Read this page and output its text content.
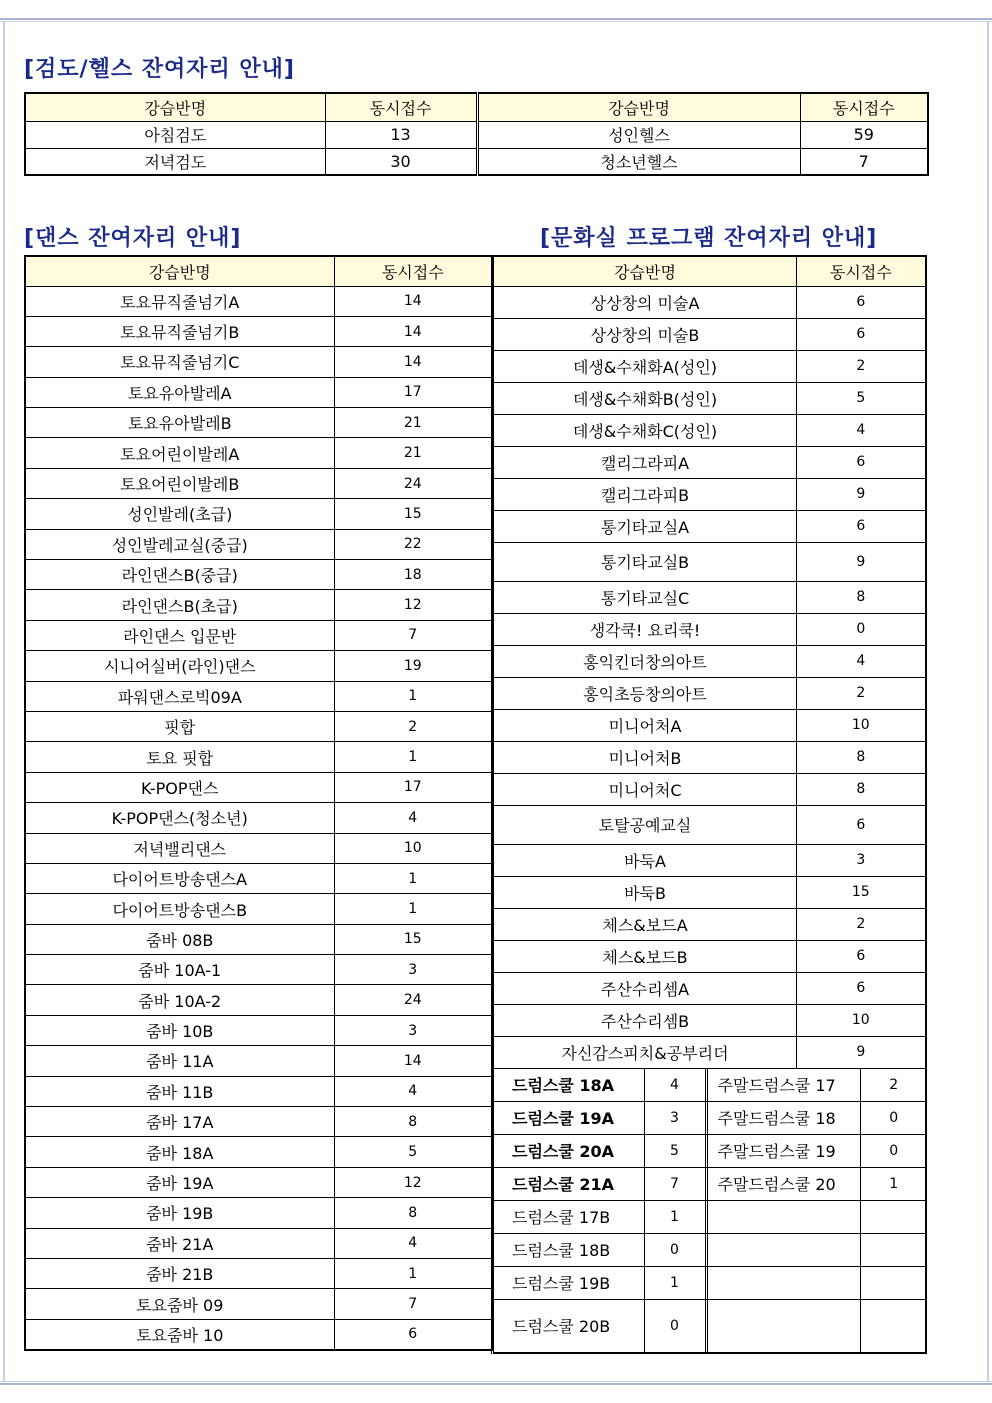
[검도/헬스 잔여자리 안내]
강습반명	동시접수	강습반명	동시접수
아침검도	13	성인헬스	59
저녁검도	30	청소년헬스	7
[댄스 잔여자리 안내]
강습반명	동시접수
토요뮤직줄넘기A	14
토요뮤직줄넘기B	14
토요뮤직줄넘기C	14
토요유아발레A	17
토요유아발레B	21
토요어린이발레A	21
토요어린이발레B	24
성인발레(초급)	15
성인발레교실(중급)	22
라인댄스B(중급)	18
라인댄스B(초급)	12
라인댄스 입문반	7
시니어실버(라인)댄스	19
파워댄스로빅09A	1
핏합	2
토요 핏합	1
K-POP댄스	17
K-POP댄스(청소년)	4
저녁밸리댄스	10
다이어트방송댄스A	1
다이어트방송댄스B	1
줌바 08B	15
줌바 10A-1	3
줌바 10A-2	24
줌바 10B	3
줌바 11A	14
줌바 11B	4
줌바 17A	8
줌바 18A	5
줌바 19A	12
줌바 19B	8
줌바 21A	4
줌바 21B	1
토요줌바 09	7
토요줌바 10	6
[문화실 프로그램 잔여자리 안내]
강습반명	동시접수
상상창의 미술A	6
상상창의 미술B	6
데생&수채화A(성인)	2
데생&수채화B(성인)	5
데생&수채화C(성인)	4
캘리그라피A	6
캘리그라피B	9
통기타교실A	6
통기타교실B	9
통기타교실C	8
생각쿡! 요리쿡!	0
홍익킨더창의아트	4
홍익초등창의아트	2
미니어처A	10
미니어처B	8
미니어처C	8
토탈공예교실	6
바둑A	3
바둑B	15
체스&보드A	2
체스&보드B	6
주산수리셈A	6
주산수리셈B	10
자신감스피치&공부리더	9

드럼스쿨 18A	4	주말드럼스쿨 17	2

드럼스쿨 19A	3	주말드럼스쿨 18	0

드럼스쿨 20A	5	주말드럼스쿨 19	0

드럼스쿨 21A	7	주말드럼스쿨 20	1

드럼스쿨 17B	1		

드럼스쿨 18B	0		

드럼스쿨 19B	1		

드럼스쿨 20B	0		
